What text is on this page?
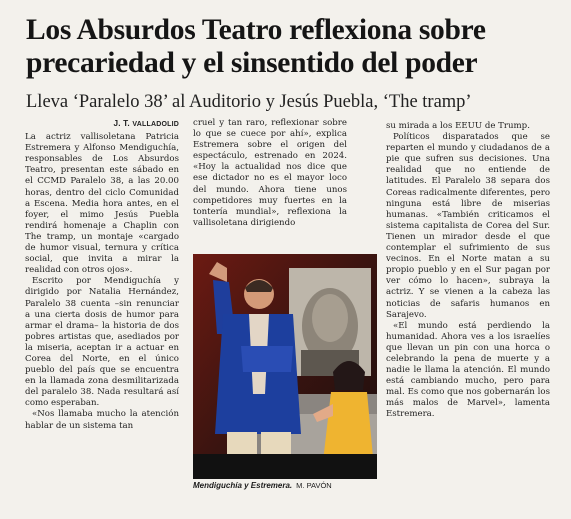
Los Absurdos Teatro reflexiona sobre precariedad y el sinsentido del poder
Lleva ‘Paralelo 38’ al Auditorio y Jesús Puebla, ‘The tramp’
J. T. VALLADOLID

La actriz vallisoletana Patricia Estremera y Alfonso Mendiguchía, responsables de Los Absurdos Teatro, presentan este sábado en el CCMD Paralelo 38, a las 20.00 horas, dentro del ciclo Comunidad a Escena. Media hora antes, en el foyer, el mimo Jesús Puebla rendirá homenaje a Chaplin con The tramp, un montaje «cargado de humor visual, ternura y crítica social, que invita a mirar la realidad con otros ojos».

Escrito por Mendiguchía y dirigido por Natalia Hernández, Paralelo 38 cuenta –sin renunciar a una cierta dosis de humor para armar el drama– la historia de dos pobres artistas que, asediados por la miseria, aceptan ir a actuar en Corea del Norte, en el único pueblo del país que se encuentra en la llamada zona desmilitarizada del paralelo 38. Nada resultará así como esperaban.

«Nos llamaba mucho la atención hablar de un sistema tan

cruel y tan raro, reflexionar sobre lo que se cuece por ahí», explica Estremera sobre el origen del espectáculo, estrenado en 2024. «Hoy la actualidad nos dice que ese dictador no es el mayor loco del mundo. Ahora tiene unos competidores muy fuertes en la tontería mundial», reflexiona la vallisoletana dirigiendo

su mirada a los EEUU de Trump.

Políticos disparatados que se reparten el mundo y ciudadanos de a pie que sufren sus decisiones. Una realidad que no entiende de latitudes. El Paralelo 38 separa dos Coreas radicalmente diferentes, pero ninguna está libre de miserias humanas. «También criticamos el sistema capitalista de Corea del Sur. Tienen un mirador desde el que contemplar el sufrimiento de sus vecinos. En el Norte matan a su propio pueblo y en el Sur pagan por ver cómo lo hacen», subraya la actriz. Y se vienen a la cabeza las noticias de safaris humanos en Sarajevo.

«El mundo está perdiendo la humanidad. Ahora ves a los israelíes que llevan un pin con una horca o celebrando la pena de muerte y a nadie le llama la atención. El mundo está cambiando mucho, pero para mal. Es como que nos gobernarán los más malos de Marvel», lamenta Estremera.

Mendiguchía y Estremera. M. PAVÓN
